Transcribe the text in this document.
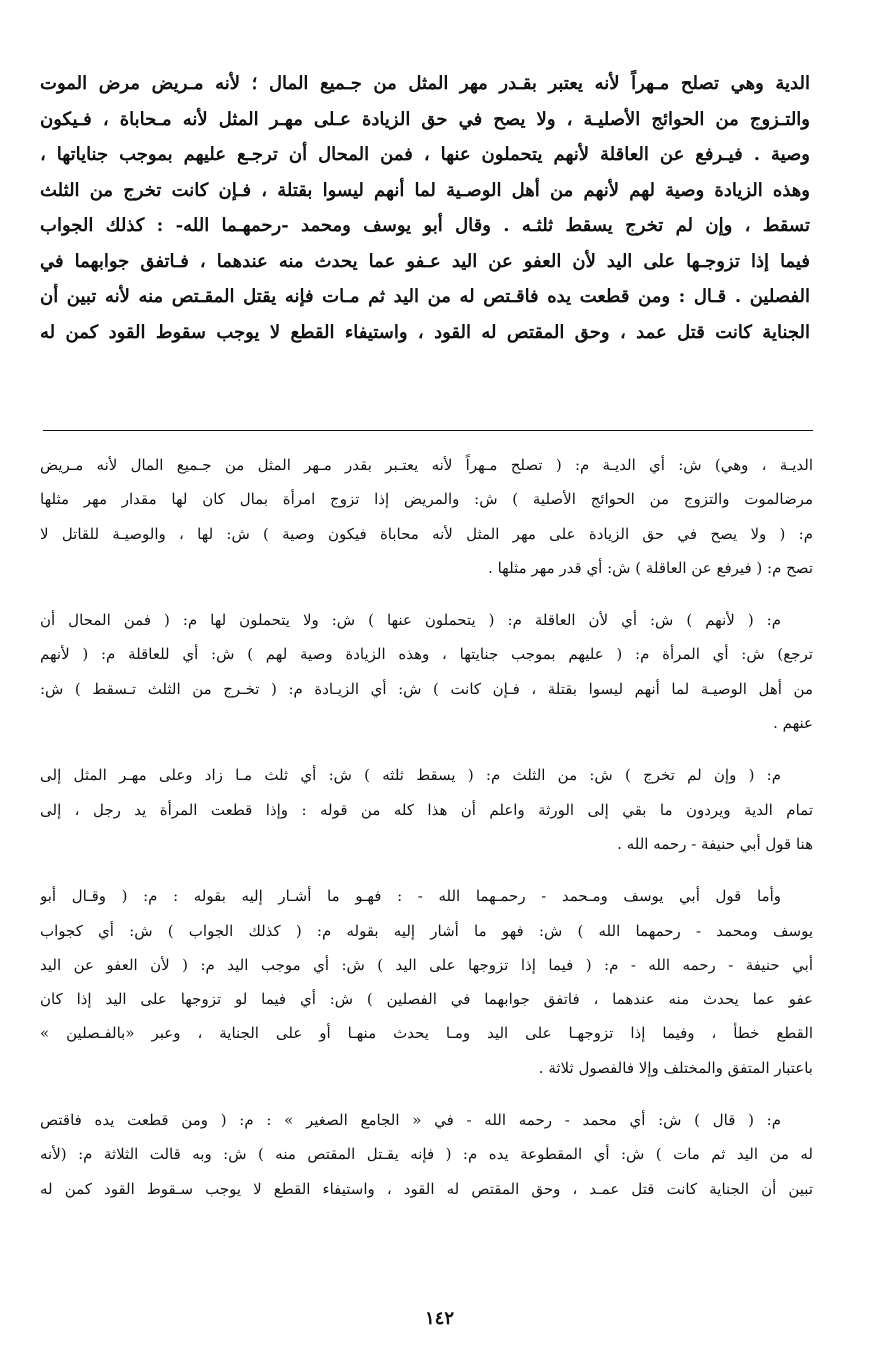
الدية وهي تصلح مـهراً لأنه يعتبر بقـدر مهر المثل من جـميع المال ؛ لأنه مـريض مرض الموت
والتـزوج من الحوائج الأصليـة ، ولا يصح في حق الزيادة عـلى مهـر المثل لأنه مـحاباة ، فـيكون
وصية . فيـرفع عن العاقلة لأنهم يتحملون عنها ، فمن المحال أن ترجـع عليهم بموجب جناياتها ،
وهذه الزيادة وصية لهم لأنهم من أهل الوصـية لما أنهم ليسوا بقتلة ، فـإن كانت تخرج من الثلث
تسقط ، وإن لم تخرج يسقط ثلثـه . وقال أبو يوسف ومحمد -رحمهـما الله- : كذلك الجواب
فيما إذا تزوجـها على اليد لأن العفو عن اليد عـفو عما يحدث منه عندهما ، فـاتفق جوابهما في
الفصلين . قـال : ومن قطعت يده فاقـتص له من اليد ثم مـات فإنه يقتل المقـتص منه لأنه تبين أن
الجناية كانت قتل عمد ، وحق المقتص له القود ، واستيفاء القطع لا يوجب سقوط القود كمن له
الديـة ، وهي) ش: أي الديـة م: ( تصلح مـهراً لأنه يعتـبر بقدر مـهر المثل من جـميع المال لأنه مـريض
مرضالموت والتزوج من الحوائج الأصلية ) ش: والمريض إذا تزوج امرأة بمال كان لها مقدار مهر مثلها
م: ( ولا يصح في حق الزيادة على مهر المثل لأنه محاباة فيكون وصية ) ش: لها ، والوصيـة للقاتل لا
تصح م: ( فيرفع عن العاقلة ) ش: أي قدر مهر مثلها .
م: ( لأنهم ) ش: أي لأن العاقلة م: ( يتحملون عنها ) ش: ولا يتحملون لها م: ( فمن المحال أن
ترجع) ش: أي المرأة م: ( عليهم بموجب جنايتها ، وهذه الزيادة وصية لهم ) ش: أي للعاقلة م: ( لأنهم
من أهل الوصيـة لما أنهم ليسوا بقتلة ، فـإن كانت ) ش: أي الزيـادة م: ( تخـرج من الثلث تـسقط ) ش:
عنهم .
م: ( وإن لم تخرج ) ش: من الثلث م: ( يسقط ثلثه ) ش: أي ثلث مـا زاد وعلى مهـر المثل إلى
تمام الدية ويردون ما بقي إلى الورثة واعلم أن هذا كله من قوله : وإذا قطعت المرأة يد رجل ، إلى
هنا قول أبي حنيفة - رحمه الله .
وأما قول أبي يوسف ومـحمد - رحمـهما الله - : فهـو ما أشـار إليه بقوله : م: ( وقـال أبو
يوسف ومحمد - رحمهما الله ) ش: فهو ما أشار إليه بقوله م: ( كذلك الجواب ) ش: أي كجواب
أبي حنيفة - رحمه الله - م: ( فيما إذا تزوجها على اليد ) ش: أي موجب اليد م: ( لأن العفو عن اليد
عفو عما يحدث منه عندهما ، فاتفق جوابهما في الفصلين ) ش: أي فيما لو تزوجها على اليد إذا كان
القطع خطأ ، وفيما إذا تزوجهـا على اليد ومـا يحدث منهـا أو على الجناية ، وعبر «بالفـصلين »
باعتبار المتفق والمختلف وإلا فالفصول ثلاثة .
م: ( قال ) ش: أي محمد - رحمه الله - في « الجامع الصغير » : م: ( ومن قطعت يده فاقتص
له من اليد ثم مات ) ش: أي المقطوعة يده م: ( فإنه يقـتل المقتص منه ) ش: وبه قالت الثلاثة م: (لأنه
تبين أن الجناية كانت قتل عمـد ، وحق المقتص له القود ، واستيفاء القطع لا يوجب سـقوط القود كمن له
١٤٢
